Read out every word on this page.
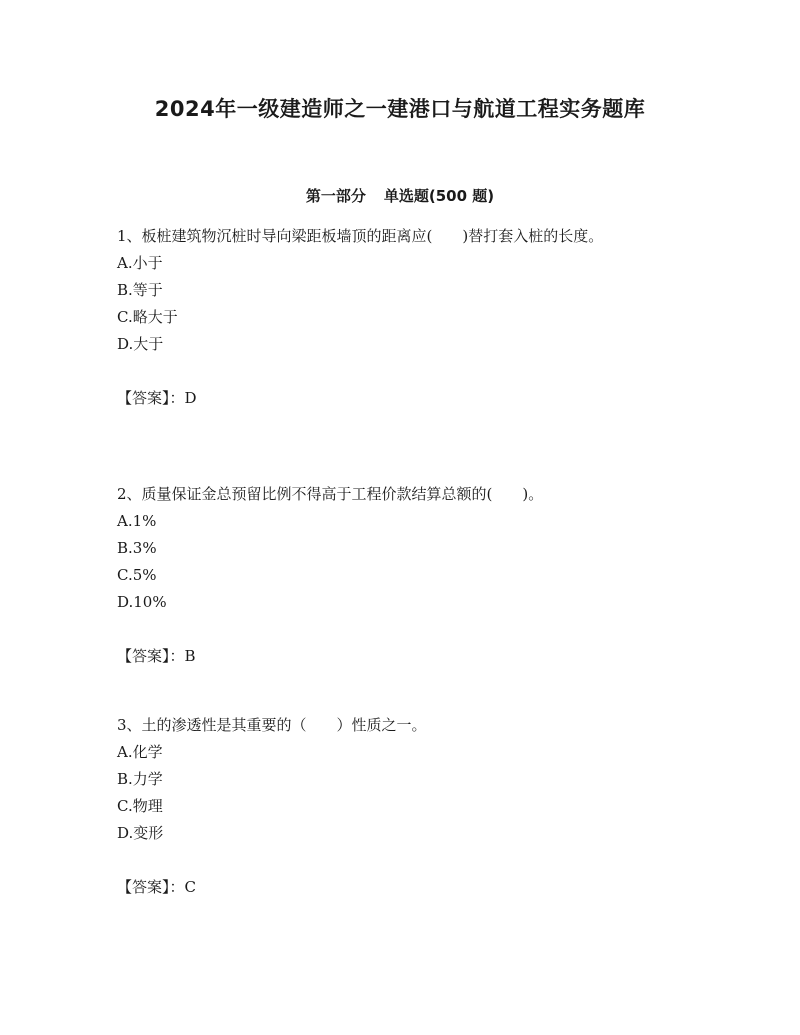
2024年一级建造师之一建港口与航道工程实务题库
第一部分 单选题(500 题)

1、板桩建筑物沉桩时导向梁距板墙顶的距离应(　　)替打套入桩的长度。

A.小于

B.等于

C.略大于

D.大于

【答案】：D

2、质量保证金总预留比例不得高于工程价款结算总额的(　　)。

A.1%

B.3%

C.5%

D.10%

【答案】：B

3、土的渗透性是其重要的（　　）性质之一。

A.化学

B.力学

C.物理

D.变形

【答案】：C
